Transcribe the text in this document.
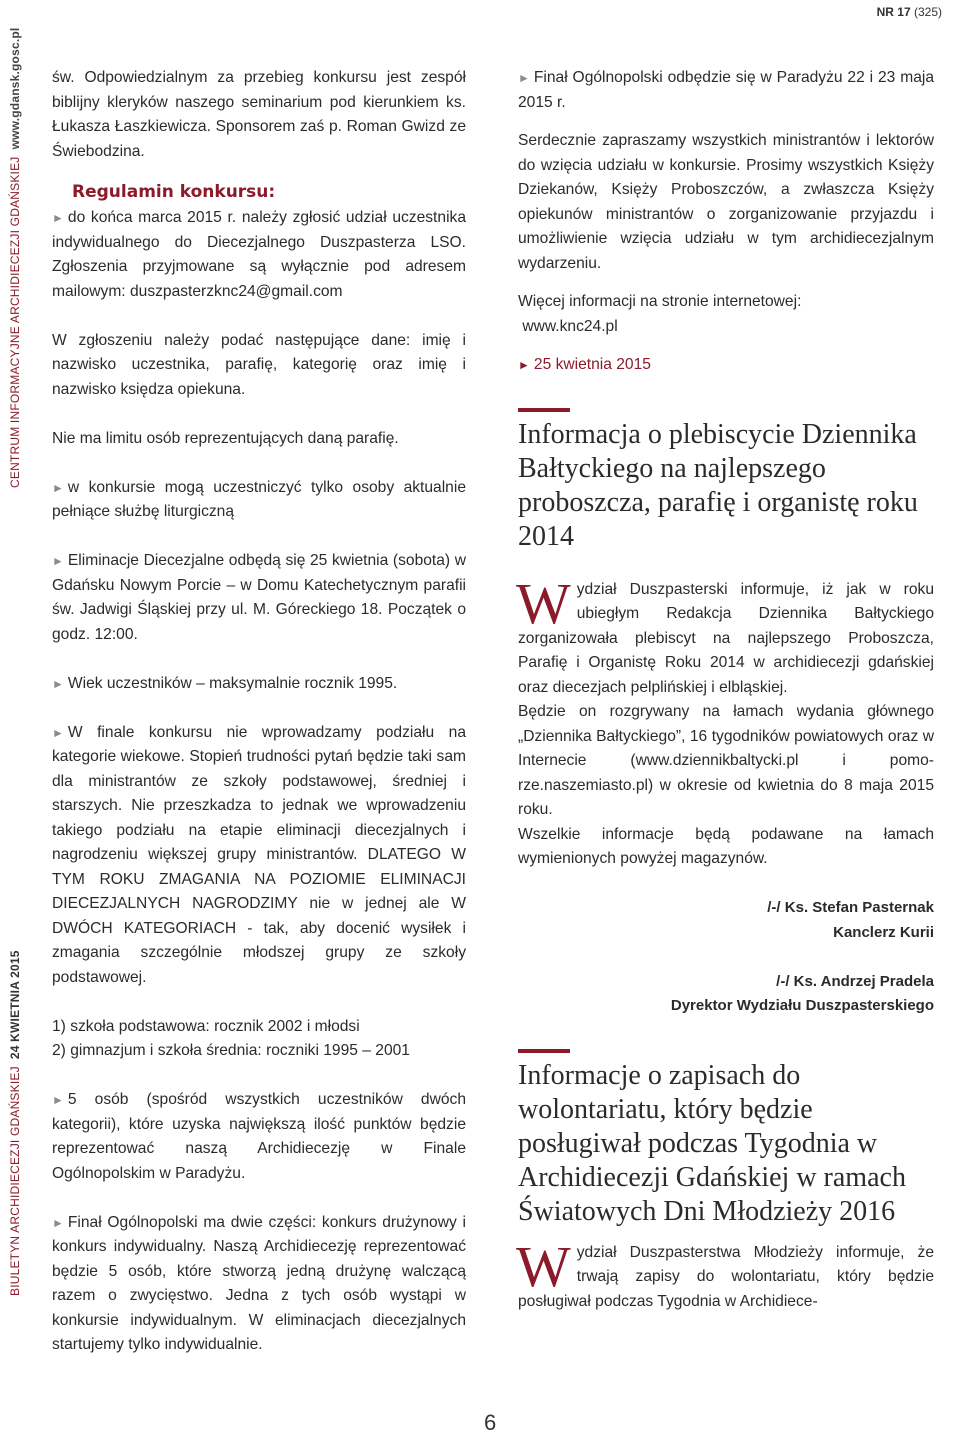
NR 17 (325)
CENTRUM INFORMACYJNE ARCHIDIECEZJI GDAŃSKIEJ  www.gdansk.gosc.pl
BIULETYN ARCHIDIECEZJI GDAŃSKIEJ  24 KWIETNIA 2015

św. Odpowiedzialnym za przebieg konkursu jest zespół biblijny kleryków naszego seminarium pod kierunkiem ks. Łukasza Łaszkiewicza. Sponsorem zaś p. Roman Gwizd ze Świebodzina.

Regulamin konkursu:

► do końca marca 2015 r. należy zgłosić udział uczestnika indywidualnego do Diecezjalnego Duszpasterza LSO. Zgłoszenia przyjmowane są wyłącznie pod adresem mailowym: duszpasterzknc24@gmail.com

W zgłoszeniu należy podać następujące dane: imię i nazwisko uczestnika, parafię, kategorię oraz imię i nazwisko księdza opiekuna.

Nie ma limitu osób reprezentujących daną parafię.

► w konkursie mogą uczestniczyć tylko osoby aktualnie pełniące służbę liturgiczną

► Eliminacje Diecezjalne odbędą się 25 kwietnia (sobota) w Gdańsku Nowym Porcie – w Domu Katechetycznym parafii św. Jadwigi Śląskiej przy ul. M. Góreckiego 18. Początek o godz. 12:00.

► Wiek uczestników – maksymalnie rocznik 1995.

► W finale konkursu nie wprowadzamy podziału na kategorie wiekowe. Stopień trudności pytań będzie taki sam dla ministrantów ze szkoły podstawowej, średniej i starszych. Nie przeszkadza to jednak we wprowadzeniu takiego podziału na etapie eliminacji diecezjalnych i nagrodzeniu większej grupy ministrantów. DLATEGO W TYM ROKU ZMAGANIA NA POZIOMIE ELIMINACJI DIECEZJALNYCH NAGRODZIMY nie w jednej ale W DWÓCH KATEGORIACH - tak, aby docenić wysiłek i zmagania szczególnie młodszej grupy ze szkoły podstawowej.

1) szkoła podstawowa: rocznik 2002 i młodsi

2) gimnazjum i szkoła średnia: roczniki 1995 – 2001

► 5 osób (spośród wszystkich uczestników dwóch kategorii), które uzyska największą ilość punktów będzie reprezentować naszą Archidiecezję w Finale Ogólnopolskim w Paradyżu.

► Finał Ogólnopolski ma dwie części: konkurs drużynowy i konkurs indywidualny. Naszą Archidiecezję reprezentować będzie 5 osób, które stworzą jedną drużynę walczącą razem o zwycięstwo. Jedna z tych osób wystąpi w konkursie indywidualnym. W eliminacjach diecezjalnych startujemy tylko indywidualnie.

► Finał Ogólnopolski odbędzie się w Paradyżu 22 i 23 maja 2015 r.

Serdecznie zapraszamy wszystkich ministrantów i lektorów do wzięcia udziału w konkursie. Prosimy wszystkich Księży Dziekanów, Księży Proboszczów, a zwłaszcza Księży opiekunów ministrantów o zorganizowanie przyjazdu i umożliwienie wzięcia udziału w tym archidiecezjalnym wydarzeniu.

Więcej informacji na stronie internetowej:

www.knc24.pl

► 25 kwietnia 2015

Informacja o plebiscycie Dziennika Bałtyckiego na najlepszego proboszcza, parafię i organistę roku 2014

Wydział Duszpasterski informuje, iż jak w roku ubiegłym Redakcja Dziennika Bałtyckiego zorganizowała plebiscyt na najlepszego Proboszcza, Parafię i Organistę Roku 2014 w archidiecezji gdańskiej oraz diecezjach pelplińskiej i elbląskiej.

Będzie on rozgrywany na łamach wydania głównego „Dziennika Bałtyckiego”, 16 tygodników powiatowych oraz w Internecie (www.dziennikbaltycki.pl i pomo-rze.naszemiasto.pl) w okresie od kwietnia do 8 maja 2015 roku.

Wszelkie informacje będą podawane na łamach wymienionych powyżej magazynów.

/-/ Ks. Stefan Pasternak
Kanclerz Kurii
/-/ Ks. Andrzej Pradela
Dyrektor Wydziału Duszpasterskiego
Informacje o zapisach do wolontariatu, który będzie posługiwał podczas Tygodnia w Archidiecezji Gdańskiej w ramach Światowych Dni Młodzieży 2016

Wydział Duszpasterstwa Młodzieży informuje, że trwają zapisy do wolontariatu, który będzie posługiwał podczas Tygodnia w Archidiece-

6
